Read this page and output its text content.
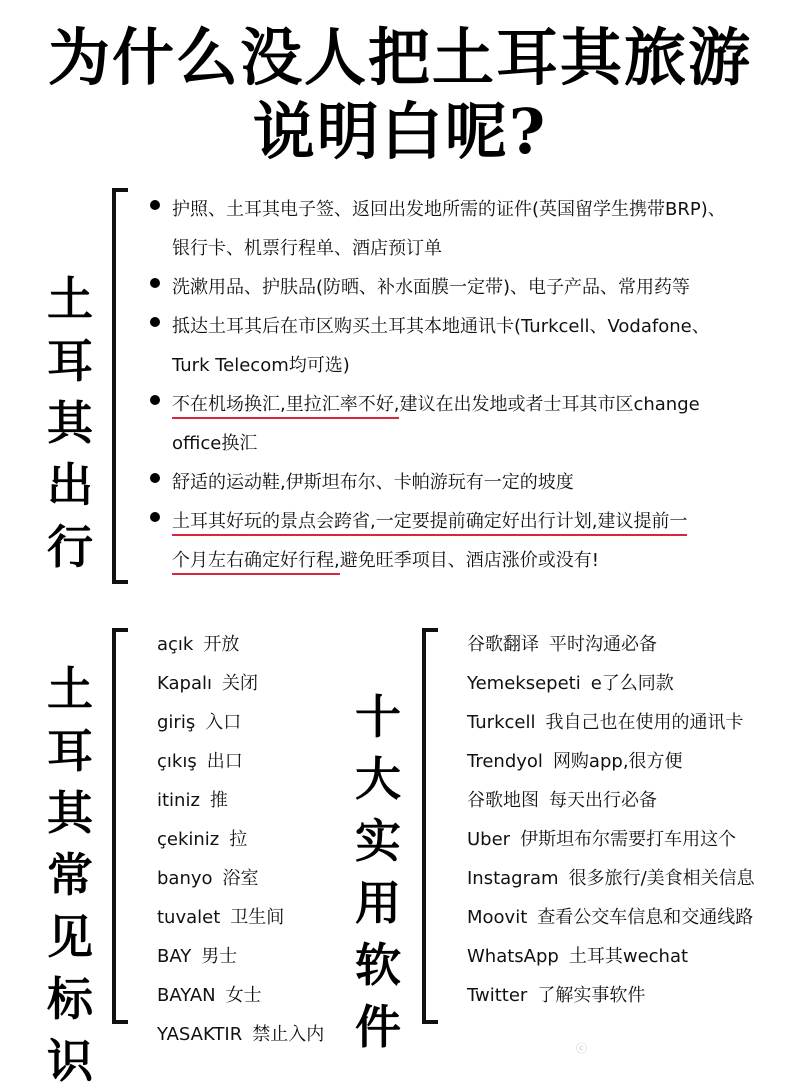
为什么没人把土耳其旅游
说明白呢?
土
耳
其
出
行
护照、土耳其电子签、返回出发地所需的证件(英国留学生携带BRP)、
银行卡、机票行程单、酒店预订单
洗漱用品、护肤品(防晒、补水面膜一定带)、电子产品、常用药等
抵达土耳其后在市区购买土耳其本地通讯卡(Turkcell、Vodafone、
Turk Telecom均可选)
不在机场换汇,里拉汇率不好,建议在出发地或者士耳其市区change
office换汇
舒适的运动鞋,伊斯坦布尔、卡帕游玩有一定的坡度
土耳其好玩的景点会跨省,一定要提前确定好出行计划,建议提前一
个月左右确定好行程,避免旺季项目、酒店涨价或没有!
土
耳
其
常
见
标
识
açık 开放
Kapalı 关闭
giriş 入口
çıkış 出口
itiniz 推
çekiniz 拉
banyo 浴室
tuvalet 卫生间
BAY 男士
BAYAN 女士
YASAKTIR 禁止入内
十
大
实
用
软
件
谷歌翻译 平时沟通必备
Yemeksepeti e了么同款
Turkcell 我自己也在使用的通讯卡
Trendyol 网购app,很方便
谷歌地图 每天出行必备
Uber 伊斯坦布尔需要打车用这个
Instagram 很多旅行/美食相关信息
Moovit 查看公交车信息和交通线路
WhatsApp 土耳其wechat
Twitter 了解实事软件
ⓒ
